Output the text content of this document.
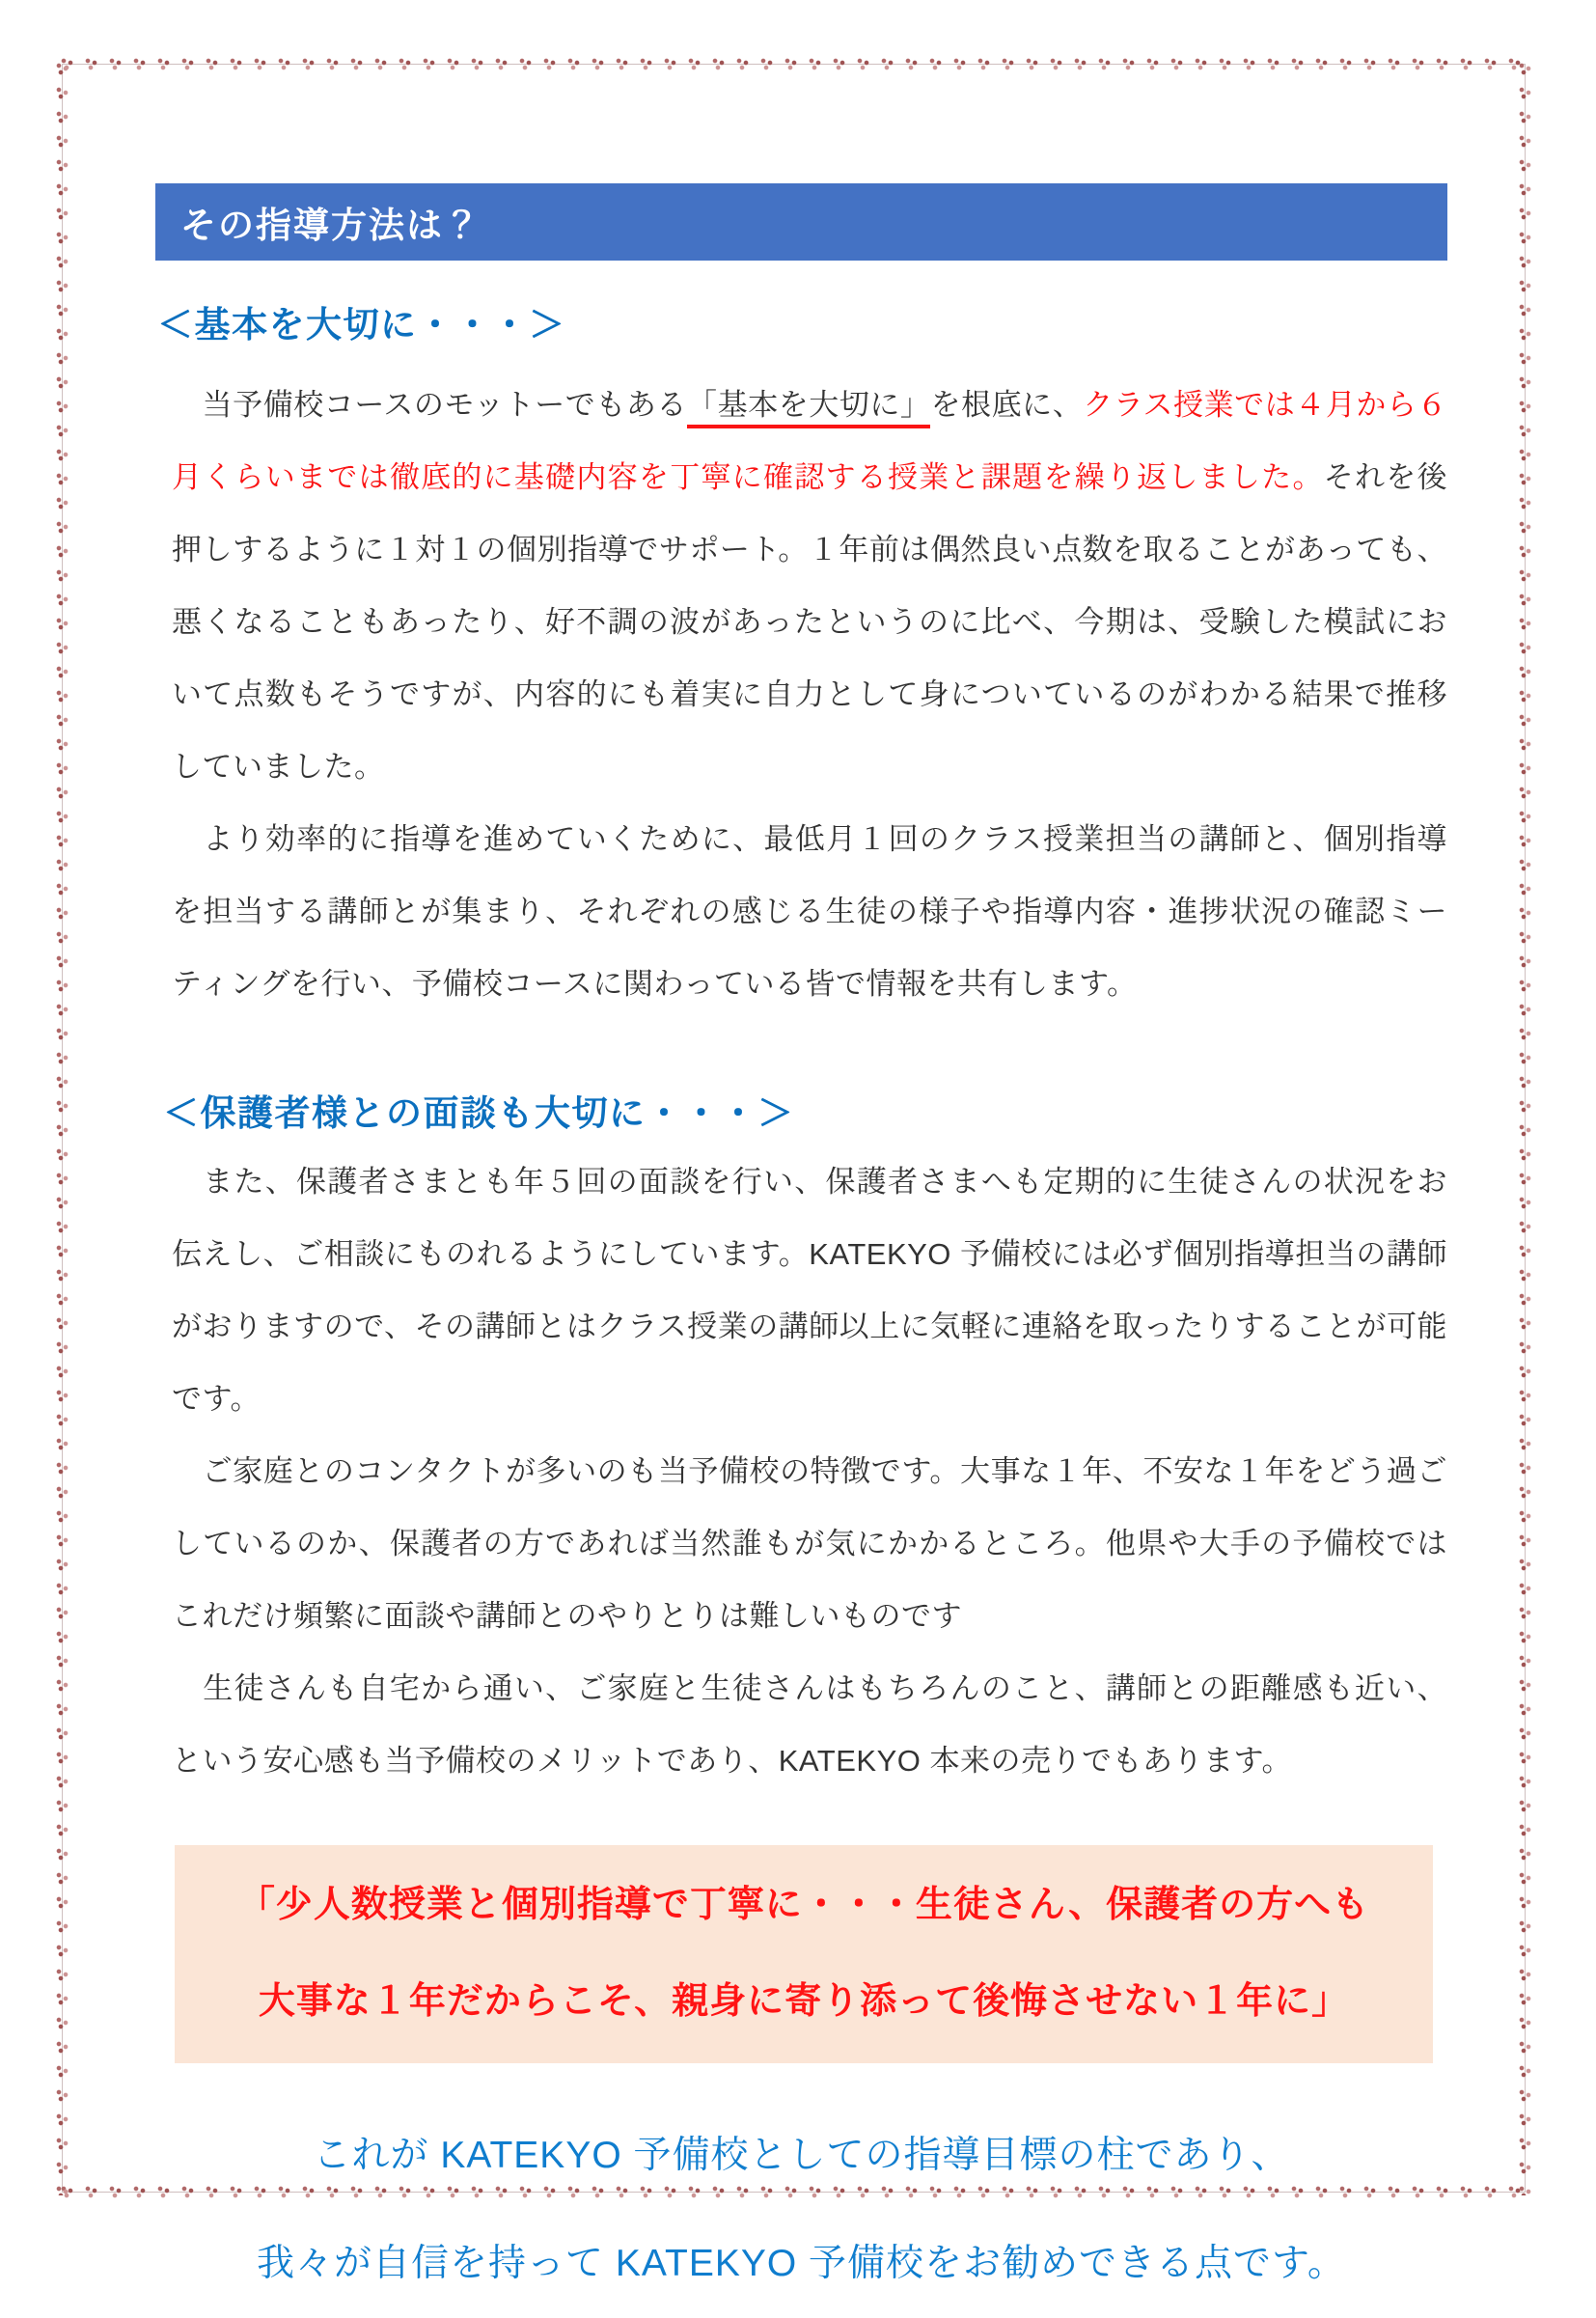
その指導方法は？
＜基本を大切に・・・＞

　当予備校コースのモットーでもある「基本を大切に」を根底に、クラス授業では４月から６月くらいまでは徹底的に基礎内容を丁寧に確認する授業と課題を繰り返しました。それを後押しするように１対１の個別指導でサポート。１年前は偶然良い点数を取ることがあっても、悪くなることもあったり、好不調の波があったというのに比べ、今期は、受験した模試において点数もそうですが、内容的にも着実に自力として身についているのがわかる結果で推移していました。

　より効率的に指導を進めていくために、最低月１回のクラス授業担当の講師と、個別指導を担当する講師とが集まり、それぞれの感じる生徒の様子や指導内容・進捗状況の確認ミーティングを行い、予備校コースに関わっている皆で情報を共有します。

＜保護者様との面談も大切に・・・＞

　また、保護者さまとも年５回の面談を行い、保護者さまへも定期的に生徒さんの状況をお伝えし、ご相談にものれるようにしています。KATEKYO 予備校には必ず個別指導担当の講師がおりますので、その講師とはクラス授業の講師以上に気軽に連絡を取ったりすることが可能です。

　ご家庭とのコンタクトが多いのも当予備校の特徴です。大事な１年、不安な１年をどう過ごしているのか、保護者の方であれば当然誰もが気にかかるところ。他県や大手の予備校ではこれだけ頻繁に面談や講師とのやりとりは難しいものです

　生徒さんも自宅から通い、ご家庭と生徒さんはもちろんのこと、講師との距離感も近い、という安心感も当予備校のメリットであり、KATEKYO 本来の売りでもあります。

「少人数授業と個別指導で丁寧に・・・生徒さん、保護者の方へも

大事な１年だからこそ、親身に寄り添って後悔させない１年に」

これが KATEKYO 予備校としての指導目標の柱であり、

我々が自信を持って KATEKYO 予備校をお勧めできる点です。
